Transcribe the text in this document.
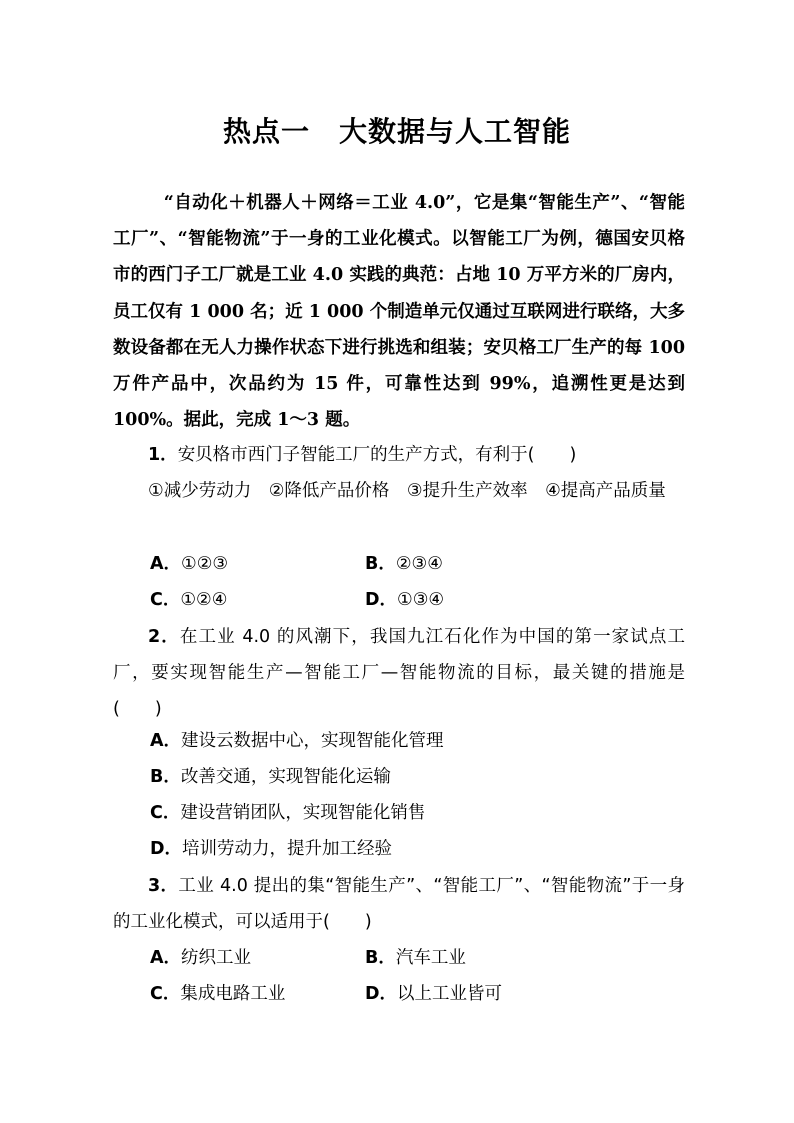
热点一　大数据与人工智能
“自动化＋机器人＋网络＝工业 4.0”，它是集“智能生产”、“智能工厂”、“智能物流”于一身的工业化模式。以智能工厂为例，德国安贝格市的西门子工厂就是工业 4.0 实践的典范：占地 10 万平方米的厂房内，员工仅有 1 000 名；近 1 000 个制造单元仅通过互联网进行联络，大多数设备都在无人力操作状态下进行挑选和组装；安贝格工厂生产的每 100 万件产品中，次品约为 15 件，可靠性达到 99%，追溯性更是达到 100%。据此，完成 1～3 题。
1．安贝格市西门子智能工厂的生产方式，有利于(　　)
①减少劳动力　②降低产品价格　③提升生产效率　④提高产品质量
A．①②③	B．②③④
C．①②④	D．①③④
2．在工业 4.0 的风潮下，我国九江石化作为中国的第一家试点工厂，要实现智能生产—智能工厂—智能物流的目标，最关键的措施是(　　)
A．建设云数据中心，实现智能化管理
B．改善交通，实现智能化运输
C．建设营销团队，实现智能化销售
D．培训劳动力，提升加工经验
3．工业 4.0 提出的集“智能生产”、“智能工厂”、“智能物流”于一身的工业化模式，可以适用于(　　)
A．纺织工业	B．汽车工业
C．集成电路工业	D．以上工业皆可
